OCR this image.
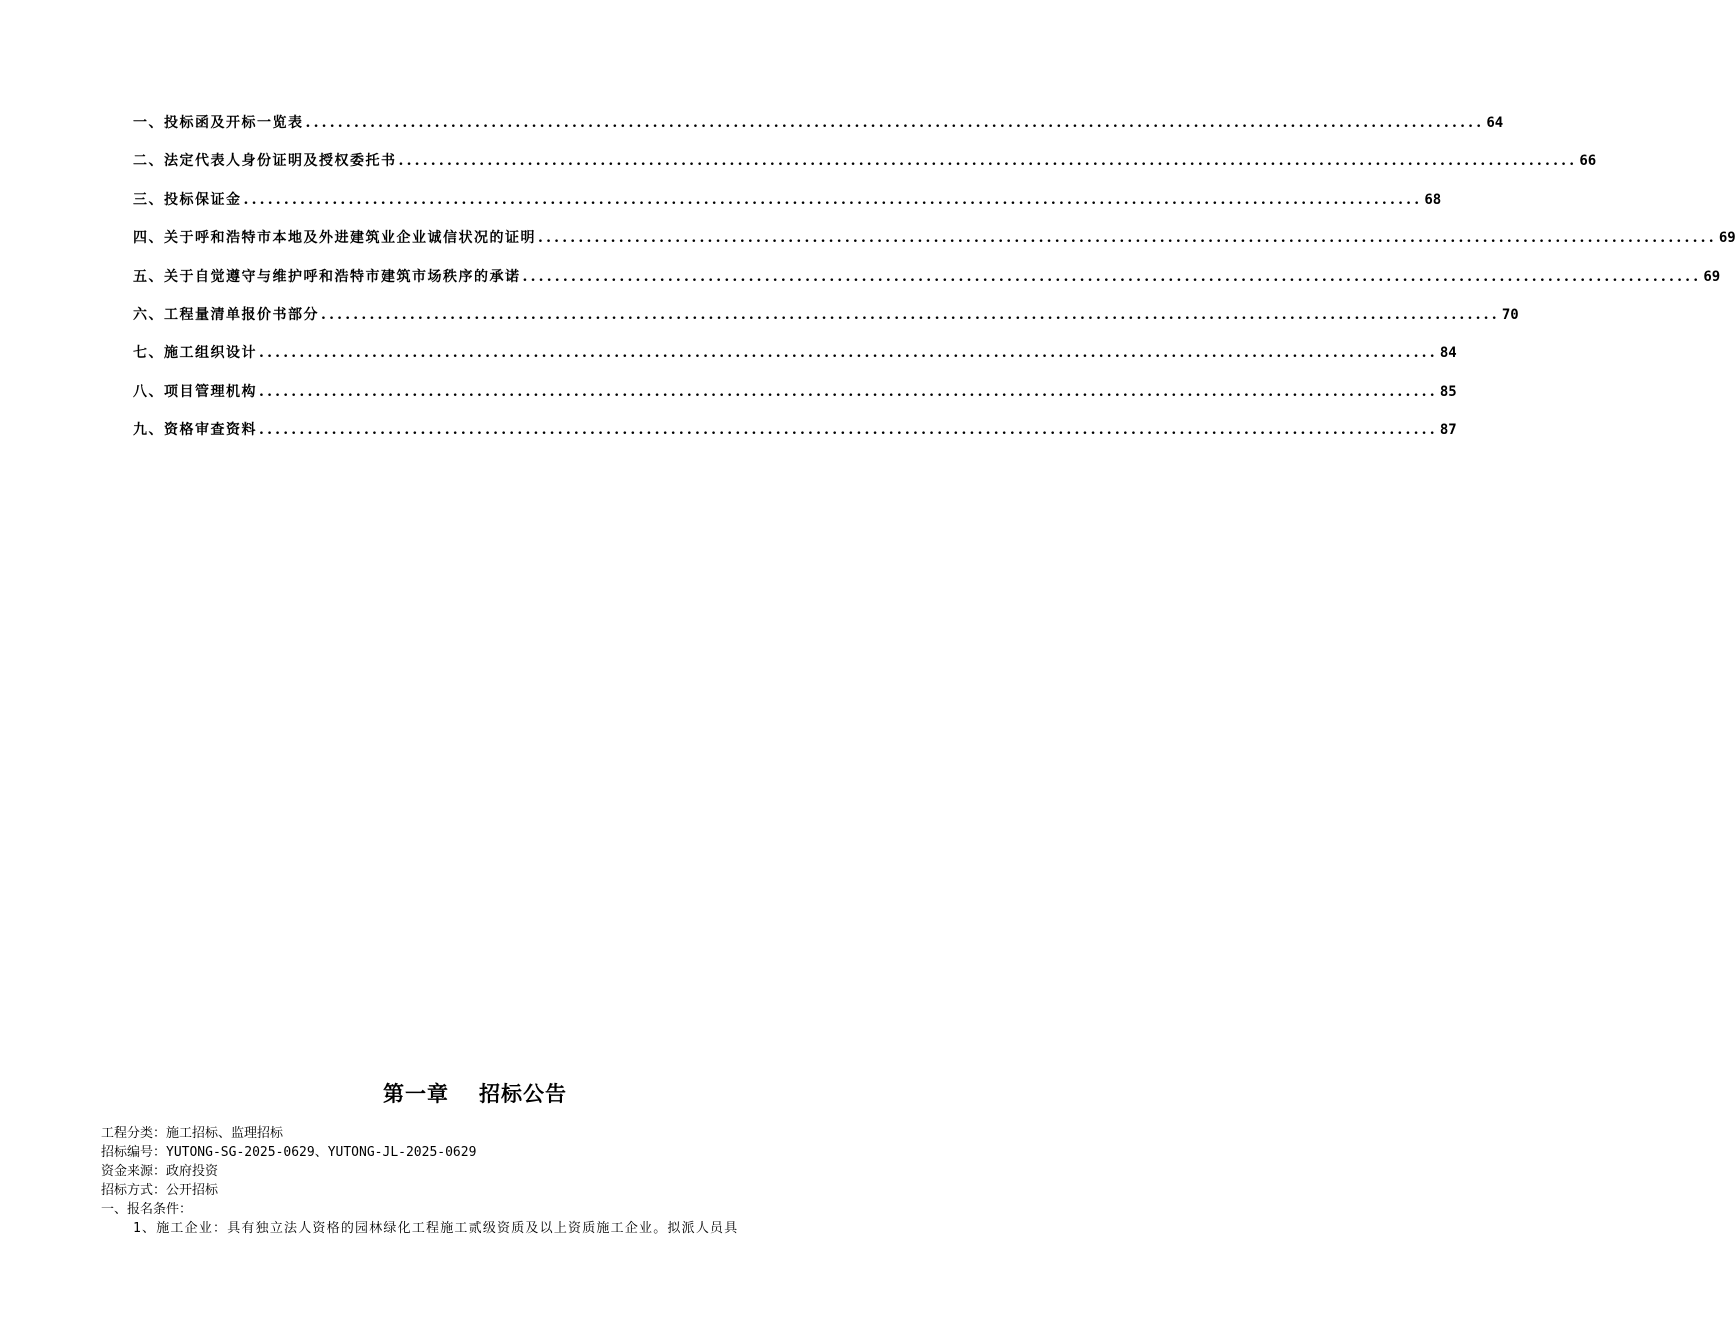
一、投标函及开标一览表 .................................................................................................................................................. 64
二、法定代表人身份证明及授权委托书 .................................................................................................................................................. 66
三、投标保证金 .................................................................................................................................................. 68
四、关于呼和浩特市本地及外进建筑业企业诚信状况的证明 .................................................................................................................................................. 69
五、关于自觉遵守与维护呼和浩特市建筑市场秩序的承诺 .................................................................................................................................................. 69
六、工程量清单报价书部分 .................................................................................................................................................. 70
七、施工组织设计 .................................................................................................................................................. 84
八、项目管理机构 .................................................................................................................................................. 85
九、资格审查资料 .................................................................................................................................................. 87
第一章 招标公告
工程分类：施工招标、监理招标
招标编号：YUTONG-SG-2025-0629、YUTONG-JL-2025-0629
资金来源：政府投资
招标方式：公开招标
一、报名条件：
1、施工企业：具有独立法人资格的园林绿化工程施工贰级资质及以上资质施工企业。拟派人员具
